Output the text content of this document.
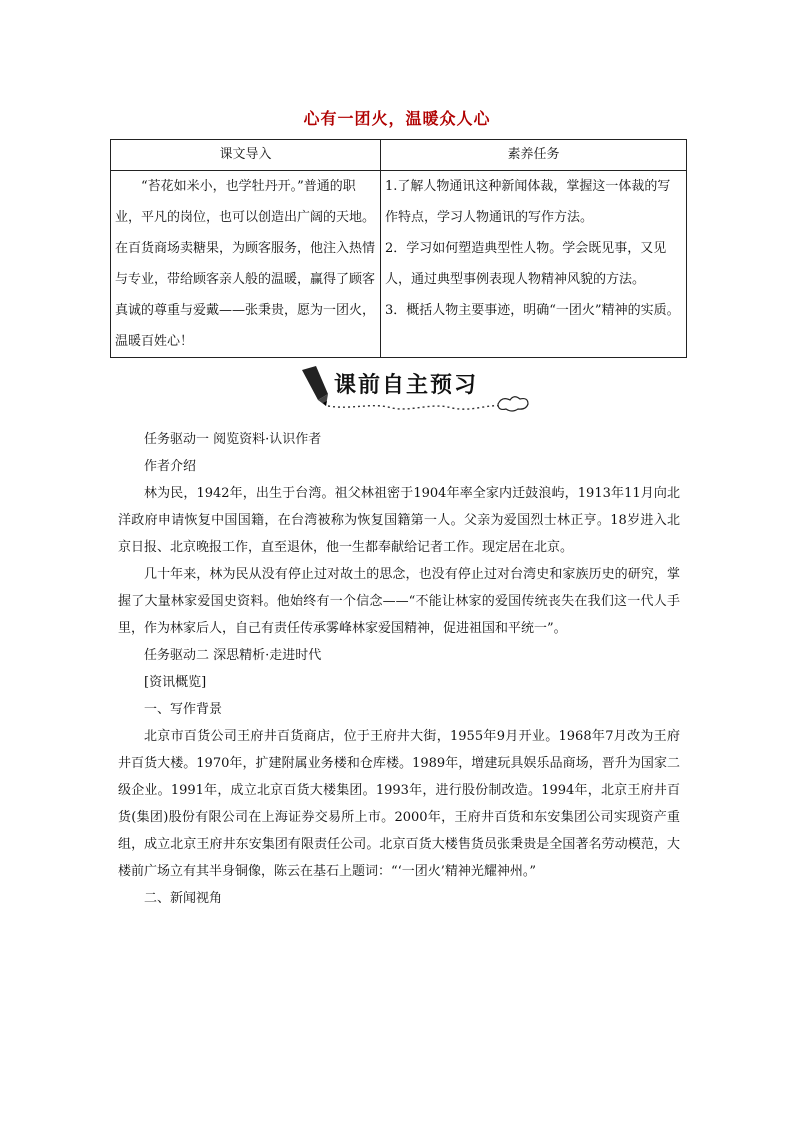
心有一团火，温暖众人心
课文导入	素养任务
“苔花如米小，也学牡丹开。”普通的职业，平凡的岗位，也可以创造出广阔的天地。在百货商场卖糖果，为顾客服务，他注入热情与专业，带给顾客亲人般的温暖，赢得了顾客真诚的尊重与爱戴——张秉贵，愿为一团火，温暖百姓心！	1.了解人物通讯这种新闻体裁，掌握这一体裁的写作特点，学习人物通讯的写作方法。

2．学习如何塑造典型性人物。学会既见事，又见人，通过典型事例表现人物精神风貌的方法。

3．概括人物主要事迹，明确“一团火”精神的实质。

课前自主预习

任务驱动一 阅览资料·认识作者

作者介绍

林为民，1942年，出生于台湾。祖父林祖密于1904年率全家内迁鼓浪屿，1913年11月向北洋政府申请恢复中国国籍，在台湾被称为恢复国籍第一人。父亲为爱国烈士林正亨。18岁进入北京日报、北京晚报工作，直至退休，他一生都奉献给记者工作。现定居在北京。

几十年来，林为民从没有停止过对故土的思念，也没有停止过对台湾史和家族历史的研究，掌握了大量林家爱国史资料。他始终有一个信念——“不能让林家的爱国传统丧失在我们这一代人手里，作为林家后人，自己有责任传承雾峰林家爱国精神，促进祖国和平统一”。

任务驱动二 深思精析·走进时代

[资讯概览]

一、写作背景

北京市百货公司王府井百货商店，位于王府井大街，1955年9月开业。1968年7月改为王府井百货大楼。1970年，扩建附属业务楼和仓库楼。1989年，增建玩具娱乐品商场，晋升为国家二级企业。1991年，成立北京百货大楼集团。1993年，进行股份制改造。1994年，北京王府井百货(集团)股份有限公司在上海证券交易所上市。2000年，王府井百货和东安集团公司实现资产重组，成立北京王府井东安集团有限责任公司。北京百货大楼售货员张秉贵是全国著名劳动模范，大楼前广场立有其半身铜像，陈云在基石上题词：“‘一团火’精神光耀神州。”

二、新闻视角
